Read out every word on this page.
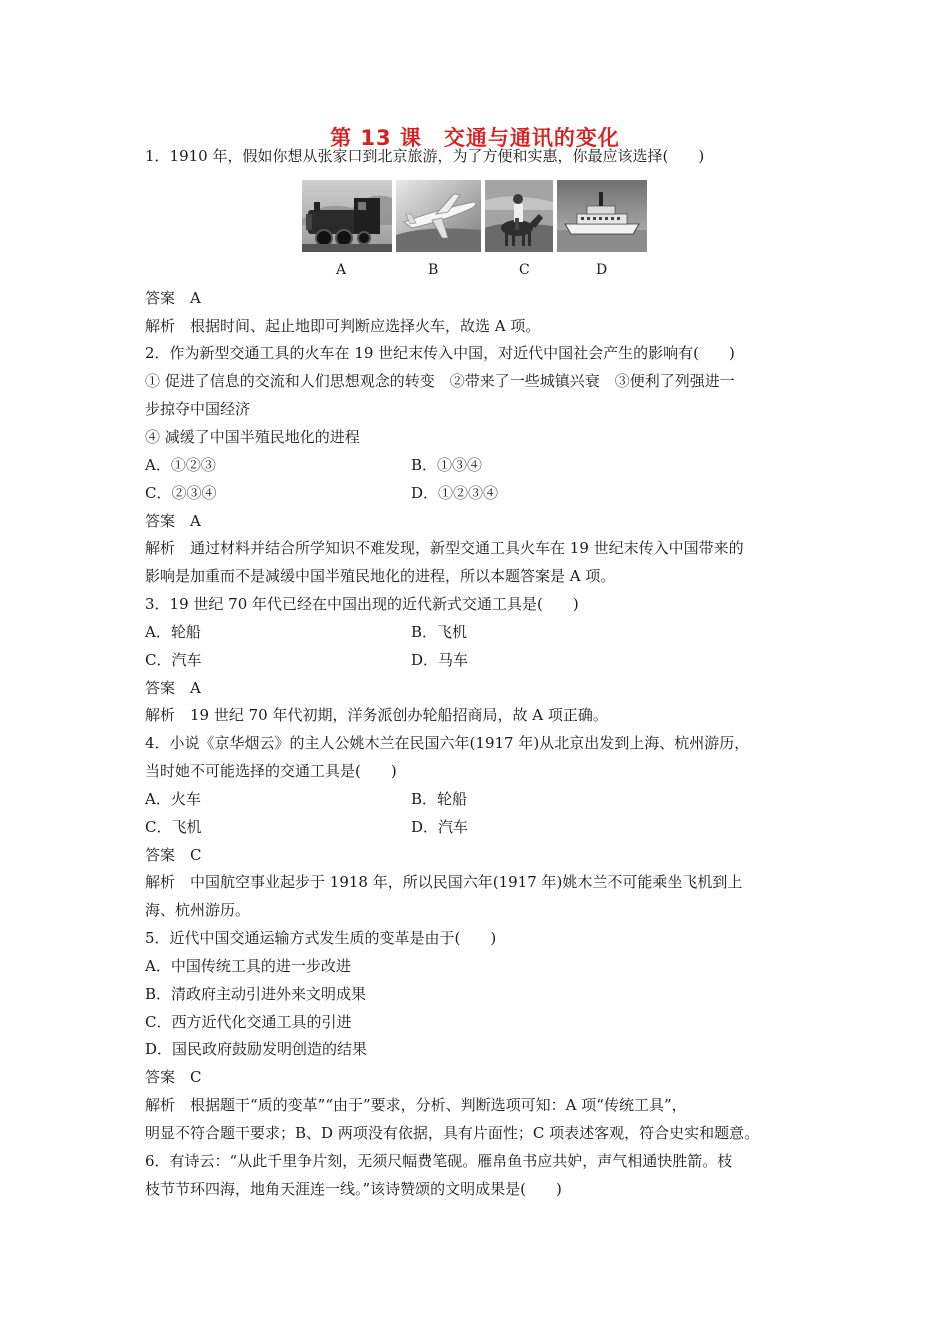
第 13 课　交通与通讯的变化
1．1910 年，假如你想从张家口到北京旅游，为了方便和实惠，你最应该选择(　　)
A	B	C	D
答案　A
解析　根据时间、起止地即可判断应选择火车，故选 A 项。
2．作为新型交通工具的火车在 19 世纪末传入中国，对近代中国社会产生的影响有(　　)
① 促进了信息的交流和人们思想观念的转变　②带来了一些城镇兴衰　③便利了列强进一
步掠夺中国经济
④ 减缓了中国半殖民地化的进程
A．①②③	B．①③④
C．②③④	D．①②③④
答案　A
解析　通过材料并结合所学知识不难发现，新型交通工具火车在 19 世纪末传入中国带来的
影响是加重而不是减缓中国半殖民地化的进程，所以本题答案是 A 项。
3．19 世纪 70 年代已经在中国出现的近代新式交通工具是(　　)
A．轮船	B．飞机
C．汽车	D．马车
答案　A
解析　19 世纪 70 年代初期，洋务派创办轮船招商局，故 A 项正确。
4．小说《京华烟云》的主人公姚木兰在民国六年(1917 年)从北京出发到上海、杭州游历，
当时她不可能选择的交通工具是(　　)
A．火车	B．轮船
C．飞机	D．汽车
答案　C
解析　中国航空事业起步于 1918 年，所以民国六年(1917 年)姚木兰不可能乘坐飞机到上
海、杭州游历。
5．近代中国交通运输方式发生质的变革是由于(　　)
A．中国传统工具的进一步改进
B．清政府主动引进外来文明成果
C．西方近代化交通工具的引进
D．国民政府鼓励发明创造的结果
答案　C
解析　根据题干“质的变革”“由于”要求，分析、判断选项可知：A 项“传统工具”，
明显不符合题干要求；B、D 两项没有依据，具有片面性；C 项表述客观，符合史实和题意。
6．有诗云：“从此千里争片刻，无须尺幅费笔砚。雁帛鱼书应共妒，声气相通快胜箭。枝
枝节节环四海，地角天涯连一线。”该诗赞颂的文明成果是(　　)
